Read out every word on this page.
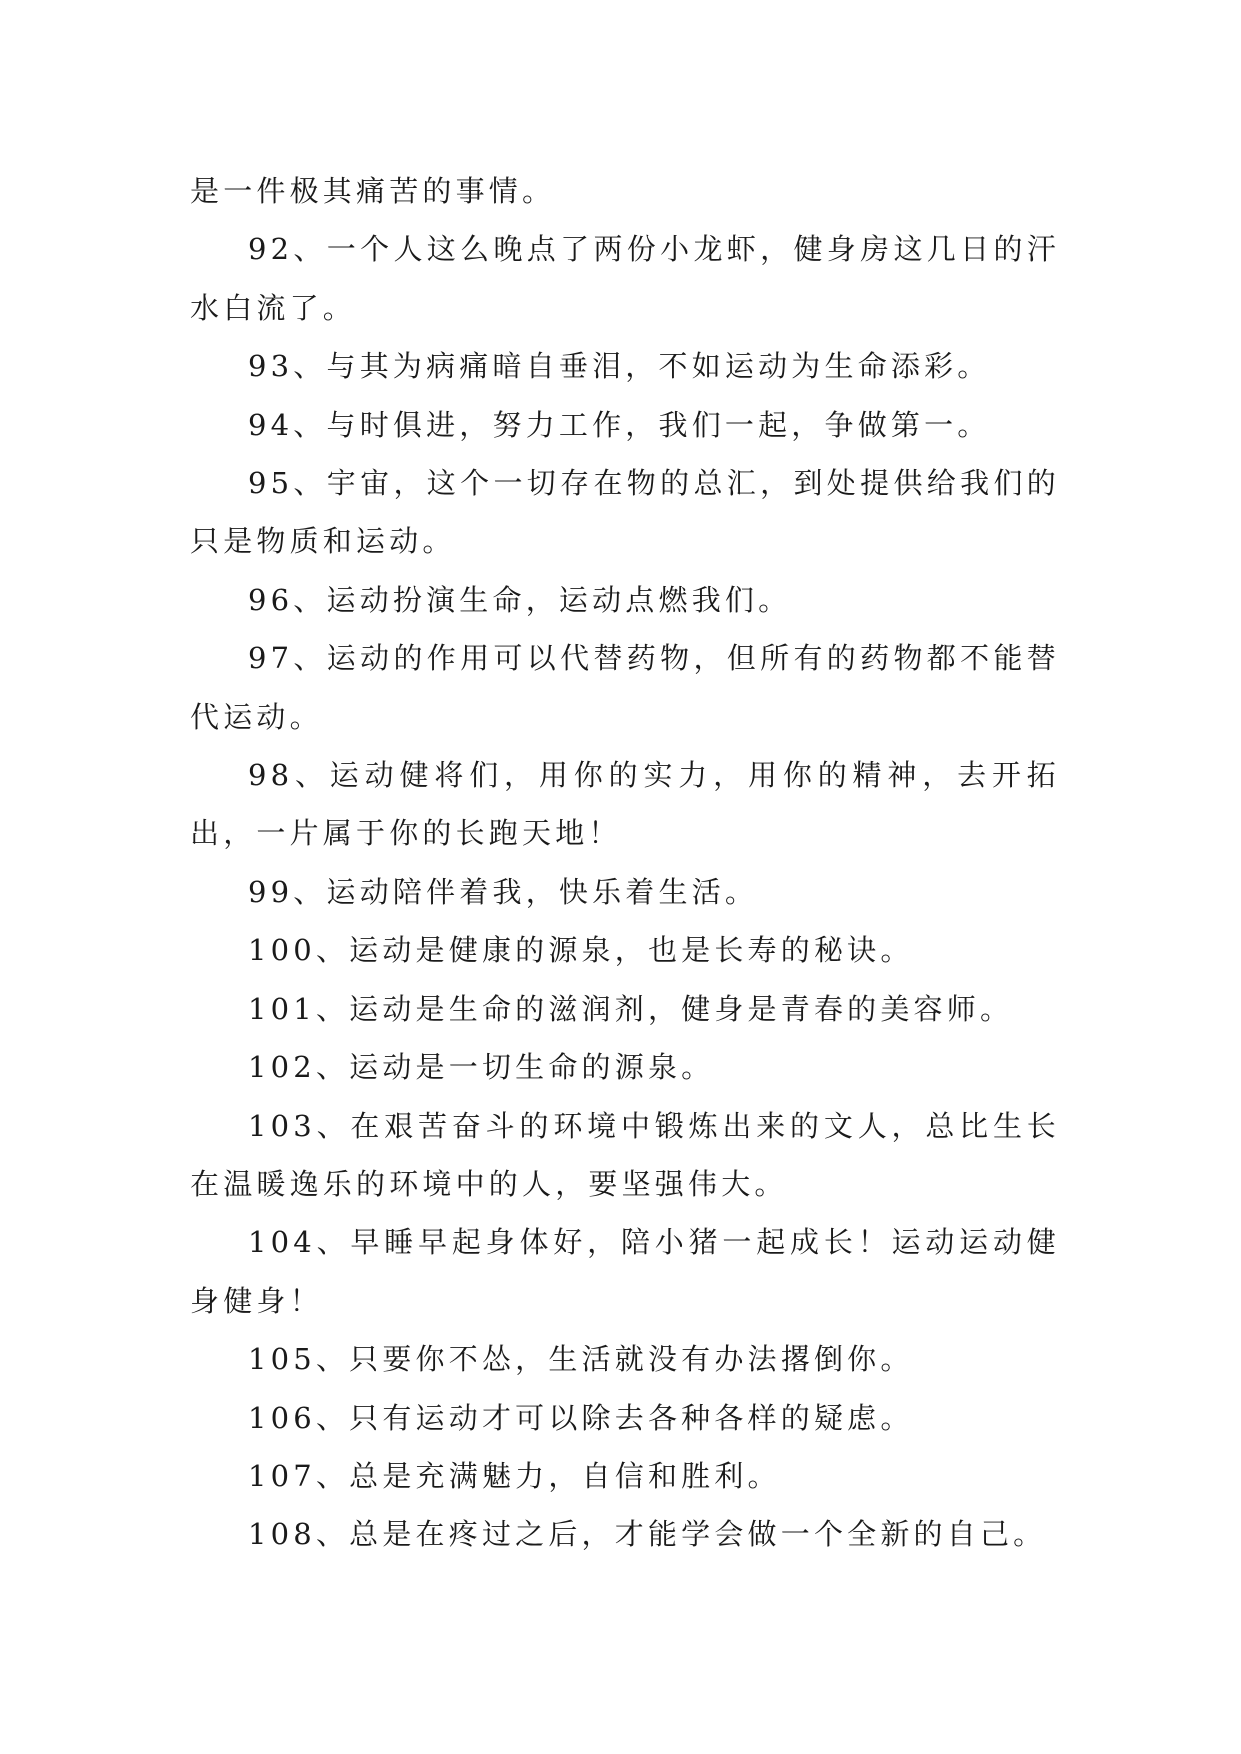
是一件极其痛苦的事情。

92、一个人这么晚点了两份小龙虾，健身房这几日的汗水白流了。

93、与其为病痛暗自垂泪，不如运动为生命添彩。

94、与时俱进，努力工作，我们一起，争做第一。

95、宇宙，这个一切存在物的总汇，到处提供给我们的只是物质和运动。

96、运动扮演生命，运动点燃我们。

97、运动的作用可以代替药物，但所有的药物都不能替代运动。

98、运动健将们，用你的实力，用你的精神，去开拓出，一片属于你的长跑天地！

99、运动陪伴着我，快乐着生活。

100、运动是健康的源泉，也是长寿的秘诀。

101、运动是生命的滋润剂，健身是青春的美容师。

102、运动是一切生命的源泉。

103、在艰苦奋斗的环境中锻炼出来的文人，总比生长在温暖逸乐的环境中的人，要坚强伟大。

104、早睡早起身体好，陪小猪一起成长！运动运动健身健身！

105、只要你不怂，生活就没有办法撂倒你。

106、只有运动才可以除去各种各样的疑虑。

107、总是充满魅力，自信和胜利。

108、总是在疼过之后，才能学会做一个全新的自己。
